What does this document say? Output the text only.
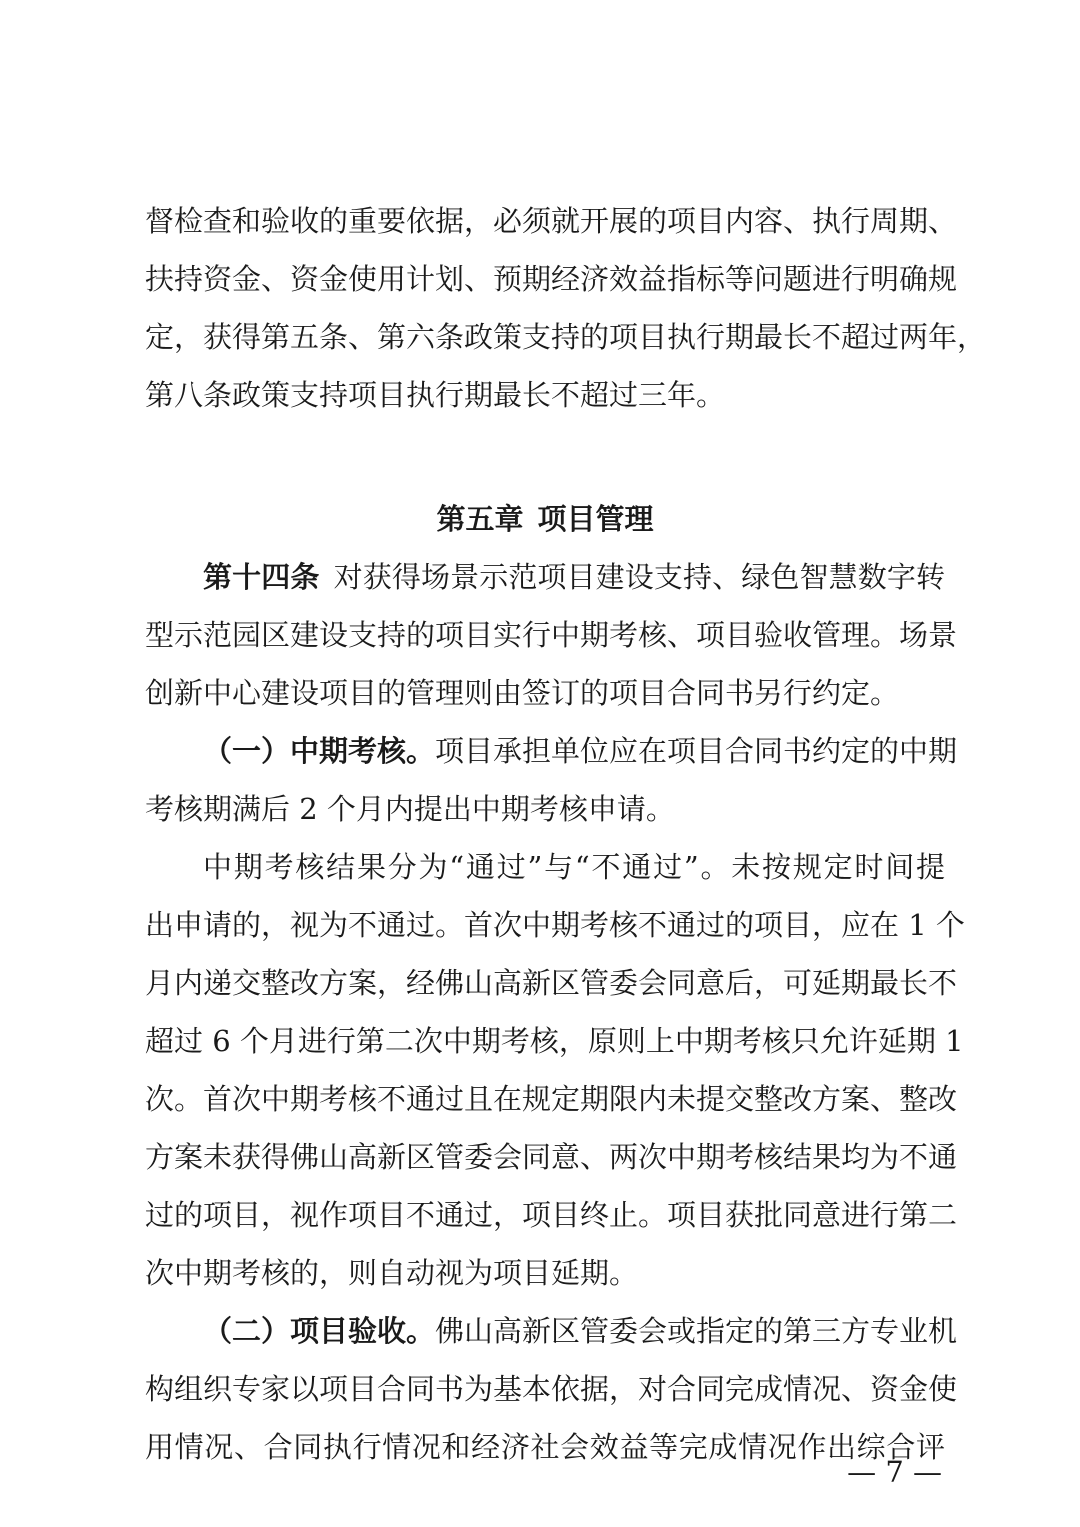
督检查和验收的重要依据，必须就开展的项目内容、执行周期、
扶持资金、资金使用计划、预期经济效益指标等问题进行明确规
定，获得第五条、第六条政策支持的项目执行期最长不超过两年，
第八条政策支持项目执行期最长不超过三年。
第五章 项目管理
第十四条 对获得场景示范项目建设支持、绿色智慧数字转
型示范园区建设支持的项目实行中期考核、项目验收管理。场景
创新中心建设项目的管理则由签订的项目合同书另行约定。
（一）中期考核。项目承担单位应在项目合同书约定的中期
考核期满后 2 个月内提出中期考核申请。
中期考核结果分为“通过”与“不通过”。未按规定时间提
出申请的，视为不通过。首次中期考核不通过的项目，应在 1 个
月内递交整改方案，经佛山高新区管委会同意后，可延期最长不
超过 6 个月进行第二次中期考核，原则上中期考核只允许延期 1
次。首次中期考核不通过且在规定期限内未提交整改方案、整改
方案未获得佛山高新区管委会同意、两次中期考核结果均为不通
过的项目，视作项目不通过，项目终止。项目获批同意进行第二
次中期考核的，则自动视为项目延期。
（二）项目验收。佛山高新区管委会或指定的第三方专业机
构组织专家以项目合同书为基本依据，对合同完成情况、资金使
用情况、合同执行情况和经济社会效益等完成情况作出综合评
— 7 —
